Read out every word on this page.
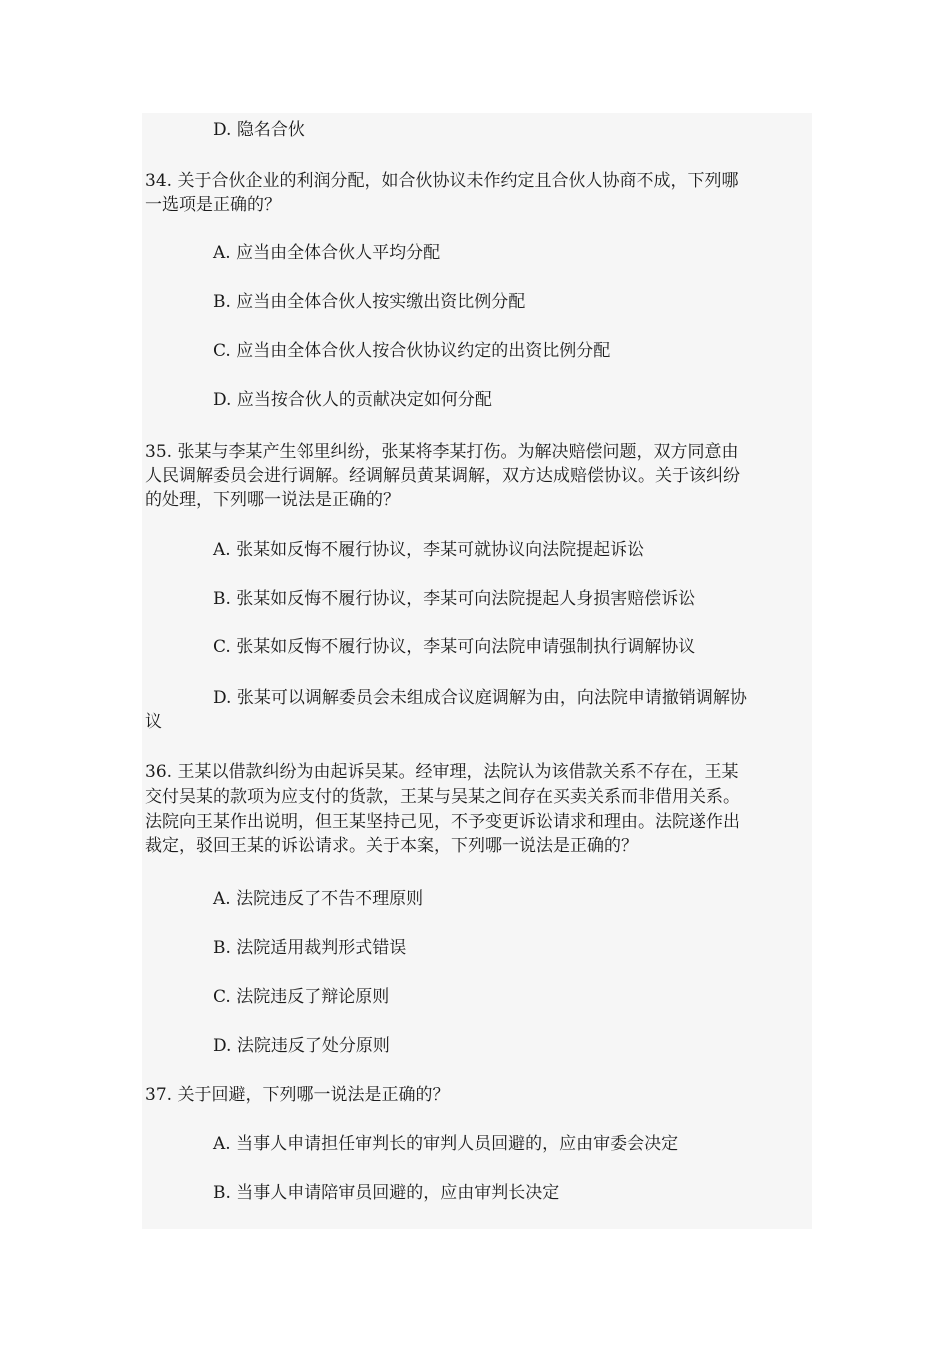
D. 隐名合伙
34. 关于合伙企业的利润分配，如合伙协议未作约定且合伙人协商不成，下列哪
一选项是正确的？
A. 应当由全体合伙人平均分配
B. 应当由全体合伙人按实缴出资比例分配
C. 应当由全体合伙人按合伙协议约定的出资比例分配
D. 应当按合伙人的贡献决定如何分配
35. 张某与李某产生邻里纠纷，张某将李某打伤。为解决赔偿问题，双方同意由
人民调解委员会进行调解。经调解员黄某调解，双方达成赔偿协议。关于该纠纷
的处理，下列哪一说法是正确的？
A. 张某如反悔不履行协议，李某可就协议向法院提起诉讼
B. 张某如反悔不履行协议，李某可向法院提起人身损害赔偿诉讼
C. 张某如反悔不履行协议，李某可向法院申请强制执行调解协议
D. 张某可以调解委员会未组成合议庭调解为由，向法院申请撤销调解协
议
36. 王某以借款纠纷为由起诉吴某。经审理，法院认为该借款关系不存在，王某
交付吴某的款项为应支付的货款，王某与吴某之间存在买卖关系而非借用关系。
法院向王某作出说明，但王某坚持己见，不予变更诉讼请求和理由。法院遂作出
裁定，驳回王某的诉讼请求。关于本案，下列哪一说法是正确的？
A. 法院违反了不告不理原则
B. 法院适用裁判形式错误
C. 法院违反了辩论原则
D. 法院违反了处分原则
37. 关于回避，下列哪一说法是正确的？
A. 当事人申请担任审判长的审判人员回避的，应由审委会决定
B. 当事人申请陪审员回避的，应由审判长决定
